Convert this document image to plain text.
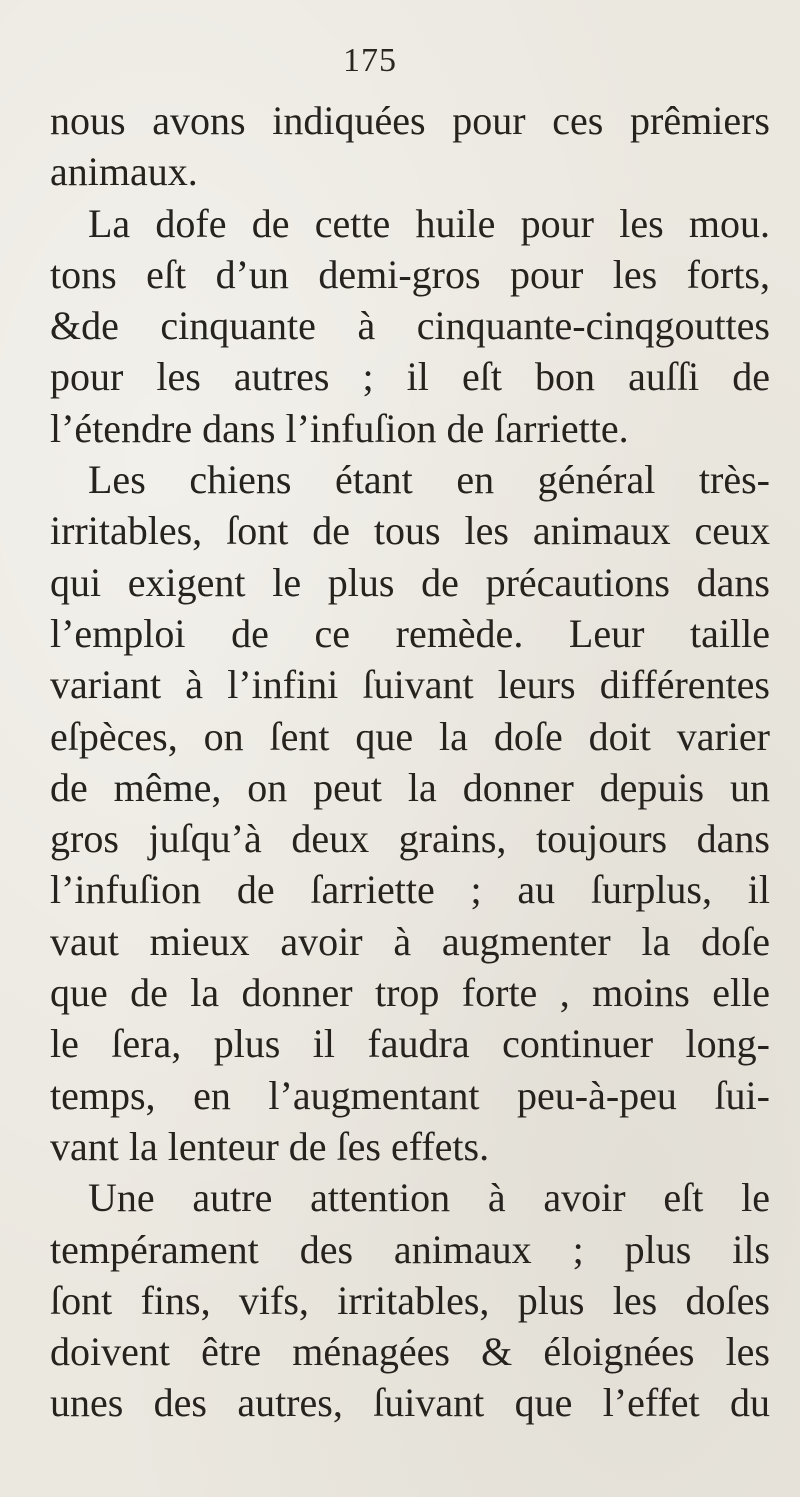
175
nous avons indiquées pour ces prêmiers
animaux.
La dofe de cette huile pour les mou.
tons eſt d’un demi-gros pour les forts,
&de cinquante à cinquante-cinqgouttes
pour les autres ; il eſt bon auſſi de
l’étendre dans l’infuſion de ſarriette.
Les chiens étant en général très-
irritables, ſont de tous les animaux ceux
qui exigent le plus de précautions dans
l’emploi de ce remède. Leur taille
variant à l’infini ſuivant leurs différentes
eſpèces, on ſent que la doſe doit varier
de même, on peut la donner depuis un
gros juſqu’à deux grains, toujours dans
l’infuſion de ſarriette ; au ſurplus, il
vaut mieux avoir à augmenter la doſe
que de la donner trop forte , moins elle
le ſera, plus il faudra continuer long-
temps, en l’augmentant peu-à-peu ſui-
vant la lenteur de ſes effets.
Une autre attention à avoir eſt le
tempérament des animaux ; plus ils
ſont fins, vifs, irritables, plus les doſes
doivent être ménagées & éloignées les
unes des autres, ſuivant que l’effet du
